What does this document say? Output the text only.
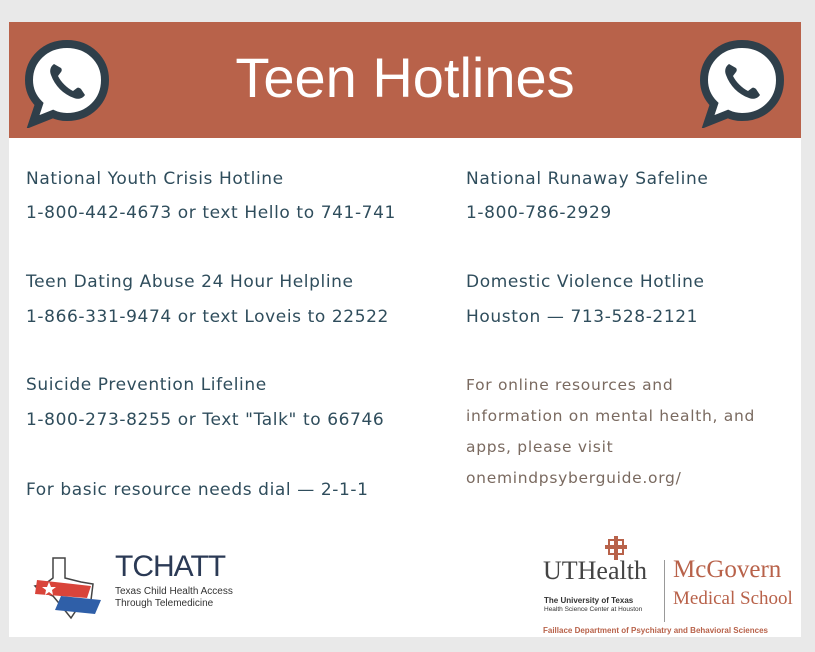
Teen Hotlines

National Youth Crisis Hotline

1-800-442-4673 or text Hello to 741-741

Teen Dating Abuse 24 Hour Helpline

1-866-331-9474 or text Loveis to 22522

Suicide Prevention Lifeline

1-800-273-8255 or Text "Talk" to 66746

For basic resource needs dial — 2-1-1

National Runaway Safeline

1-800-786-2929

Domestic Violence Hotline

Houston — 713-528-2121

For online resources and

information on mental health, and

apps, please visit

onemindpsyberguide.org/

TCHATT

Texas Child Health Access

Through Telemedicine

UTHealth

The University of Texas

Health Science Center at Houston

McGovern

Medical School

Faillace Department of Psychiatry and Behavioral Sciences
